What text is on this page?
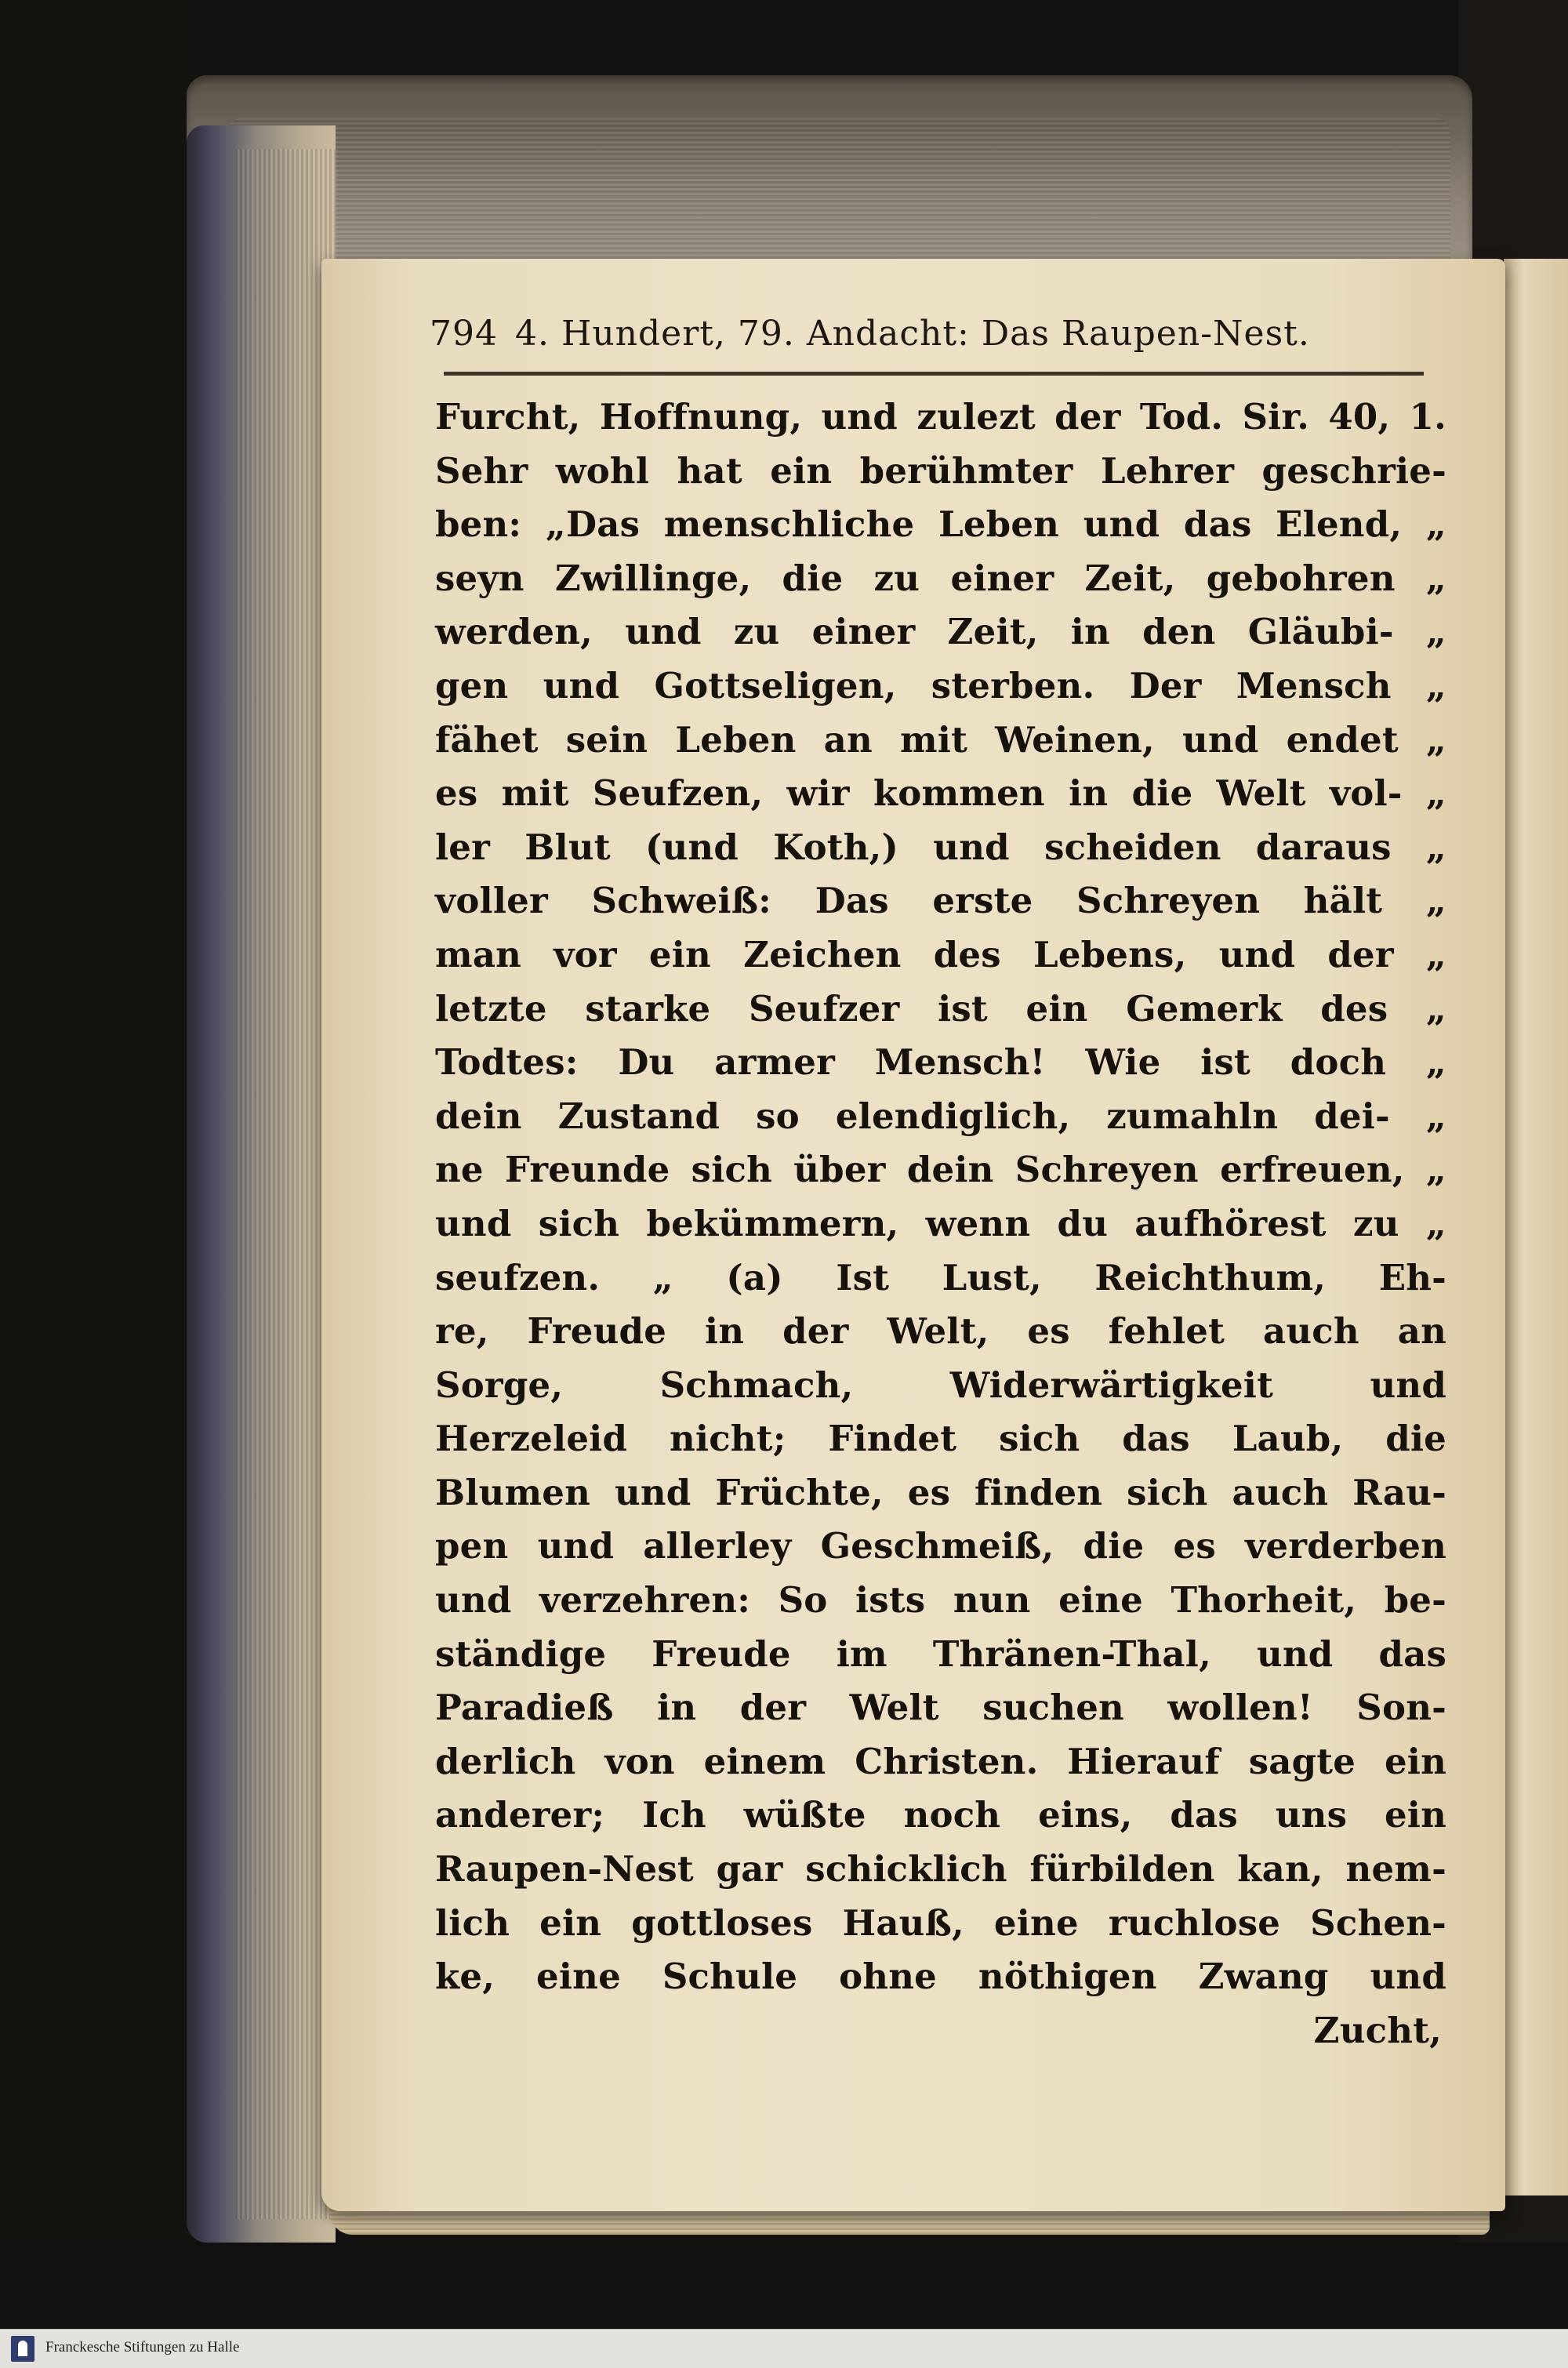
794 4. Hundert, 79. Andacht: Das Raupen-Nest.
Furcht, Hoffnung, und zulezt der Tod. Sir. 40, 1.
Sehr wohl hat ein berühmter Lehrer geschrie-
ben: „Das menschliche Leben und das Elend, „
seyn Zwillinge, die zu einer Zeit, gebohren „
werden, und zu einer Zeit, in den Gläubi- „
gen und Gottseligen, sterben. Der Mensch „
fähet sein Leben an mit Weinen, und endet „
es mit Seufzen, wir kommen in die Welt vol- „
ler Blut (und Koth,) und scheiden daraus „
voller Schweiß: Das erste Schreyen hält „
man vor ein Zeichen des Lebens, und der „
letzte starke Seufzer ist ein Gemerk des „
Todtes: Du armer Mensch! Wie ist doch „
dein Zustand so elendiglich, zumahln dei- „
ne Freunde sich über dein Schreyen erfreuen, „
und sich bekümmern, wenn du aufhörest zu „
seufzen. „ (a) Ist Lust, Reichthum, Eh-
re, Freude in der Welt, es fehlet auch an
Sorge, Schmach, Widerwärtigkeit und
Herzeleid nicht; Findet sich das Laub, die
Blumen und Früchte, es finden sich auch Rau-
pen und allerley Geschmeiß, die es verderben
und verzehren: So ists nun eine Thorheit, be-
ständige Freude im Thränen-Thal, und das
Paradieß in der Welt suchen wollen! Son-
derlich von einem Christen. Hierauf sagte ein
anderer; Ich wüßte noch eins, das uns ein
Raupen-Nest gar schicklich fürbilden kan, nem-
lich ein gottloses Hauß, eine ruchlose Schen-
ke, eine Schule ohne nöthigen Zwang und
Zucht,
Franckesche Stiftungen zu Halle
